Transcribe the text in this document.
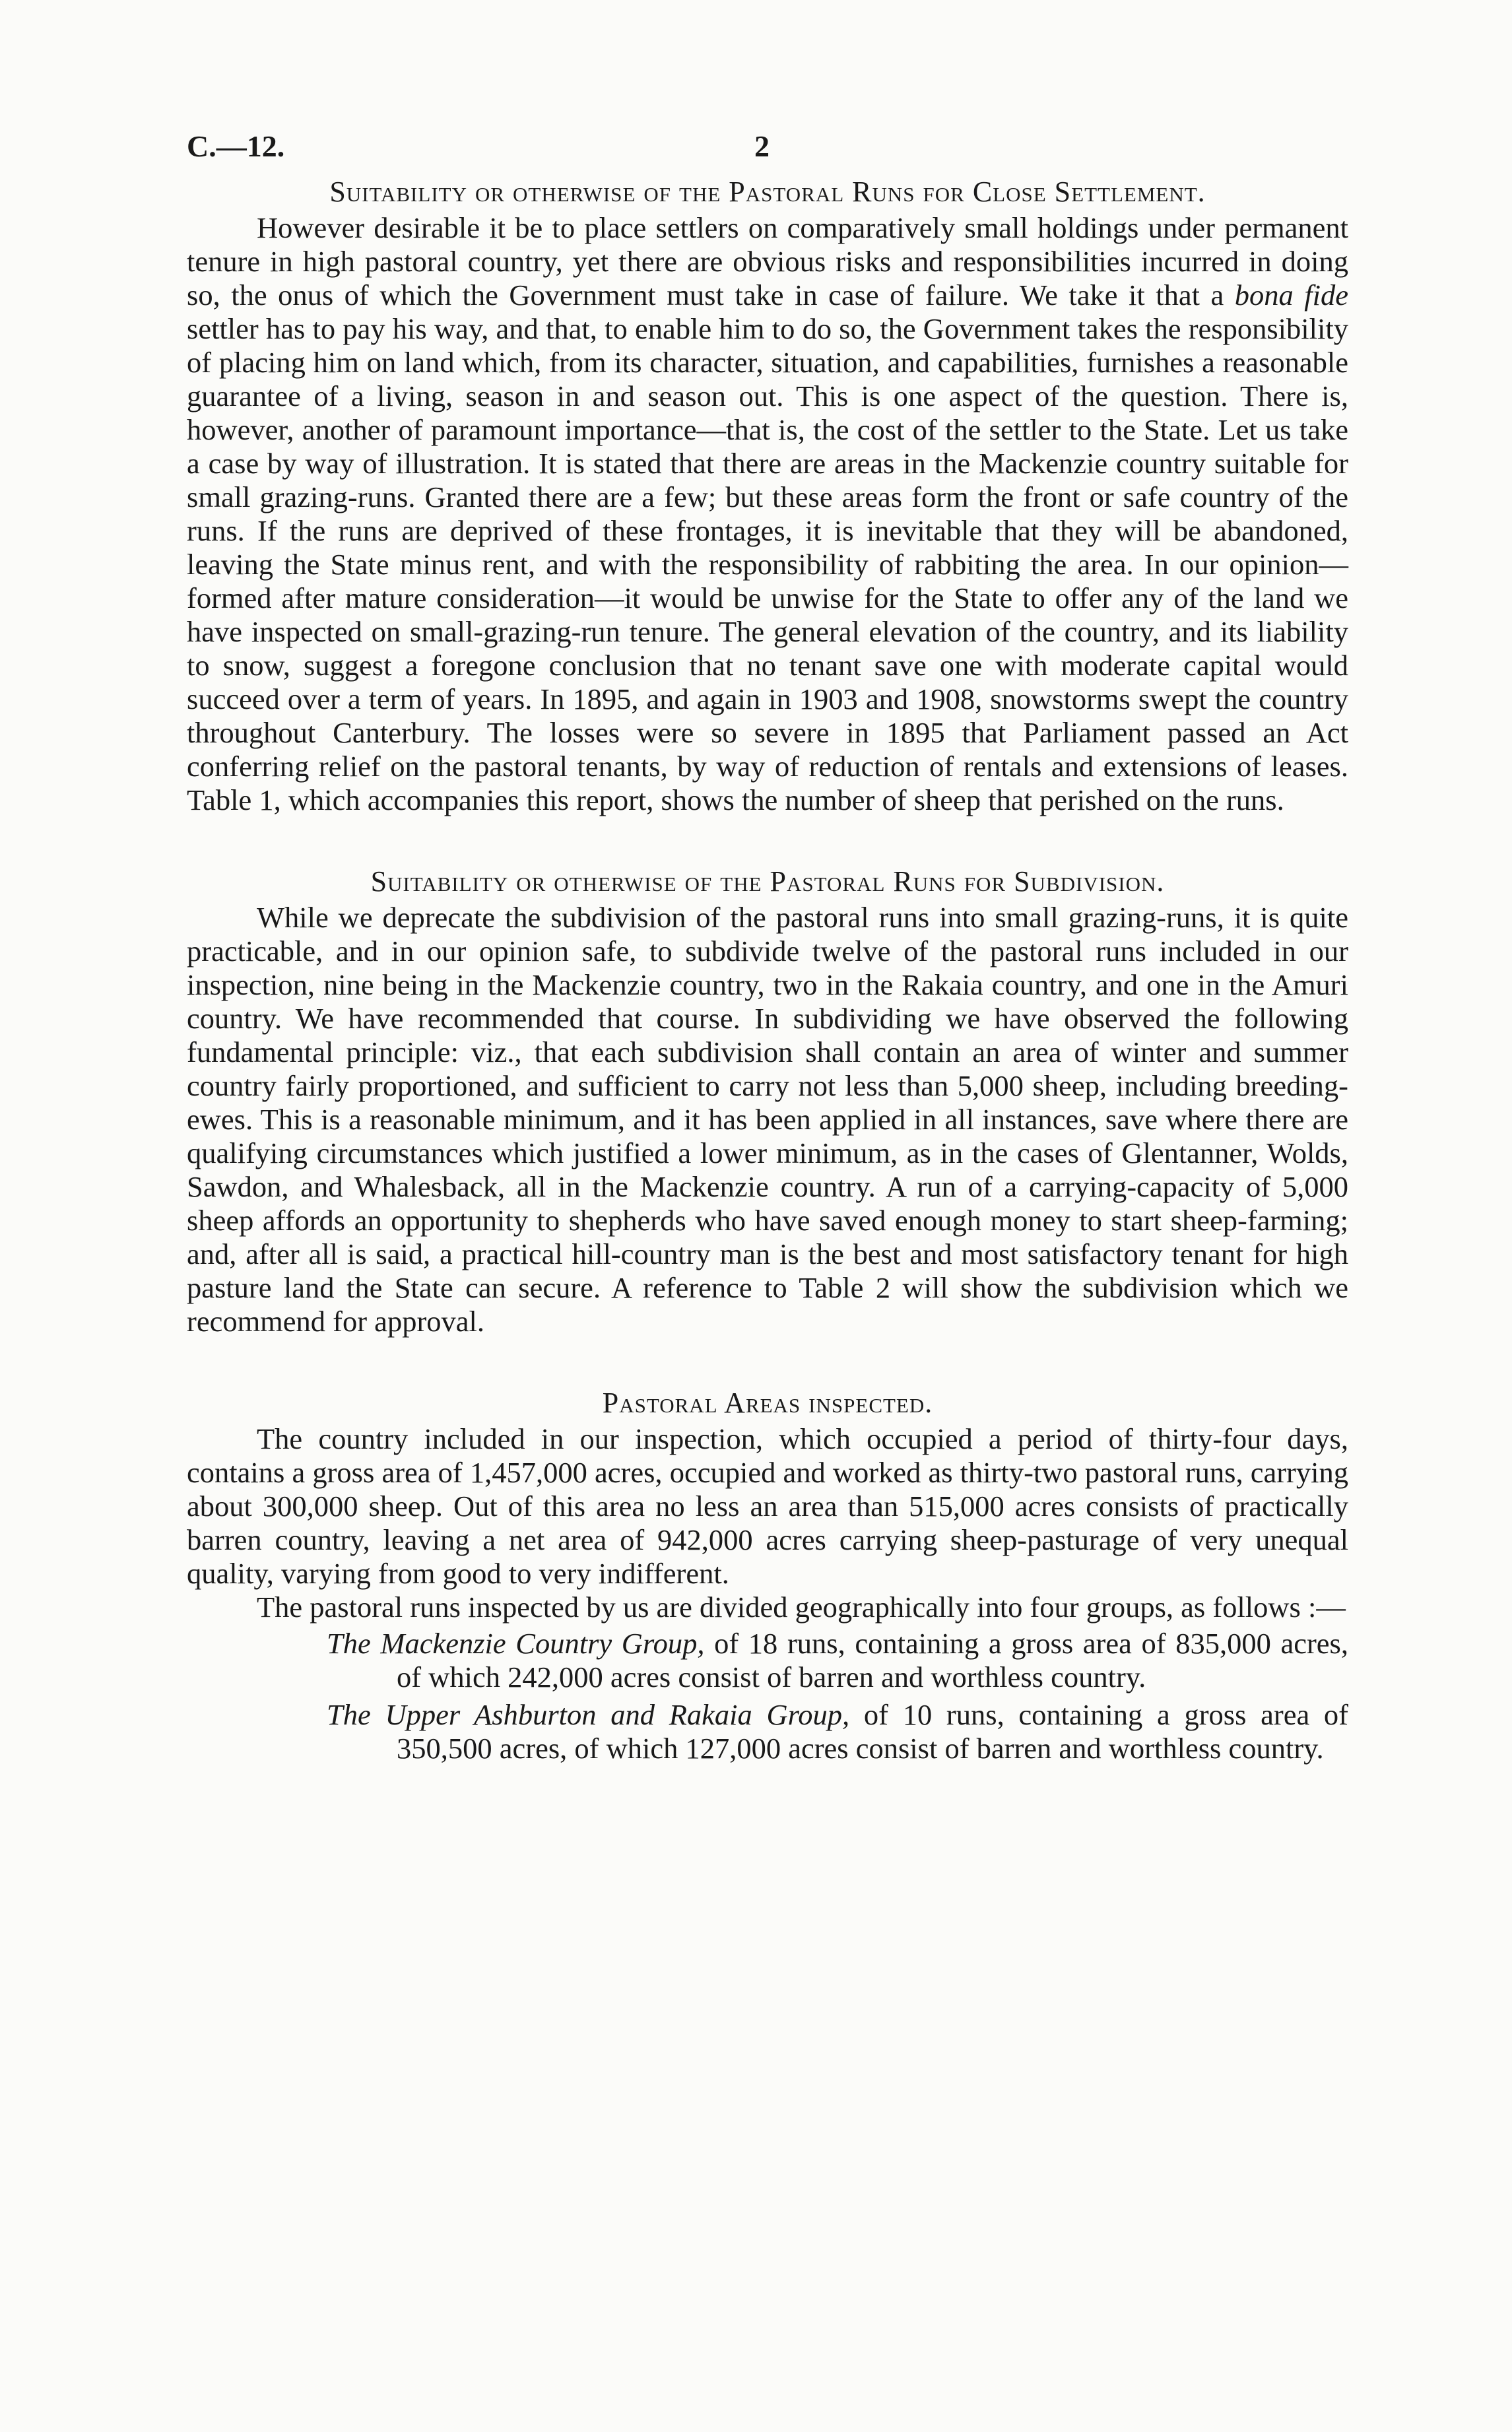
C.—12.	2
Suitability or otherwise of the Pastoral Runs for Close Settlement.

However desirable it be to place settlers on comparatively small holdings under permanent tenure in high pastoral country, yet there are obvious risks and responsibilities incurred in doing so, the onus of which the Government must take in case of failure. We take it that a bona fide settler has to pay his way, and that, to enable him to do so, the Government takes the responsibility of placing him on land which, from its character, situation, and capabilities, furnishes a reasonable guarantee of a living, season in and season out. This is one aspect of the question. There is, however, another of paramount importance—that is, the cost of the settler to the State. Let us take a case by way of illustration. It is stated that there are areas in the Mackenzie country suitable for small grazing-runs. Granted there are a few; but these areas form the front or safe country of the runs. If the runs are deprived of these frontages, it is inevitable that they will be abandoned, leaving the State minus rent, and with the responsibility of rabbiting the area. In our opinion—formed after mature consideration—it would be unwise for the State to offer any of the land we have inspected on small-grazing-run tenure. The general elevation of the country, and its liability to snow, suggest a foregone conclusion that no tenant save one with moderate capital would succeed over a term of years. In 1895, and again in 1903 and 1908, snowstorms swept the country throughout Canterbury. The losses were so severe in 1895 that Parliament passed an Act conferring relief on the pastoral tenants, by way of reduction of rentals and extensions of leases. Table 1, which accompanies this report, shows the number of sheep that perished on the runs.

Suitability or otherwise of the Pastoral Runs for Subdivision.

While we deprecate the subdivision of the pastoral runs into small grazing-runs, it is quite practicable, and in our opinion safe, to subdivide twelve of the pastoral runs included in our inspection, nine being in the Mackenzie country, two in the Rakaia country, and one in the Amuri country. We have recommended that course. In subdividing we have observed the following fundamental principle: viz., that each subdivision shall contain an area of winter and summer country fairly proportioned, and sufficient to carry not less than 5,000 sheep, including breeding-ewes. This is a reasonable minimum, and it has been applied in all instances, save where there are qualifying circumstances which justified a lower minimum, as in the cases of Glentanner, Wolds, Sawdon, and Whalesback, all in the Mackenzie country. A run of a carrying-capacity of 5,000 sheep affords an opportunity to shepherds who have saved enough money to start sheep-farming; and, after all is said, a practical hill-country man is the best and most satisfactory tenant for high pasture land the State can secure. A reference to Table 2 will show the subdivision which we recommend for approval.

Pastoral Areas inspected.

The country included in our inspection, which occupied a period of thirty-four days, contains a gross area of 1,457,000 acres, occupied and worked as thirty-two pastoral runs, carrying about 300,000 sheep. Out of this area no less an area than 515,000 acres consists of practically barren country, leaving a net area of 942,000 acres carrying sheep-pasturage of very unequal quality, varying from good to very indifferent.

The pastoral runs inspected by us are divided geographically into four groups, as follows :—

The Mackenzie Country Group, of 18 runs, containing a gross area of 835,000 acres, of which 242,000 acres consist of barren and worthless country.
The Upper Ashburton and Rakaia Group, of 10 runs, containing a gross area of 350,500 acres, of which 127,000 acres consist of barren and worthless country.
